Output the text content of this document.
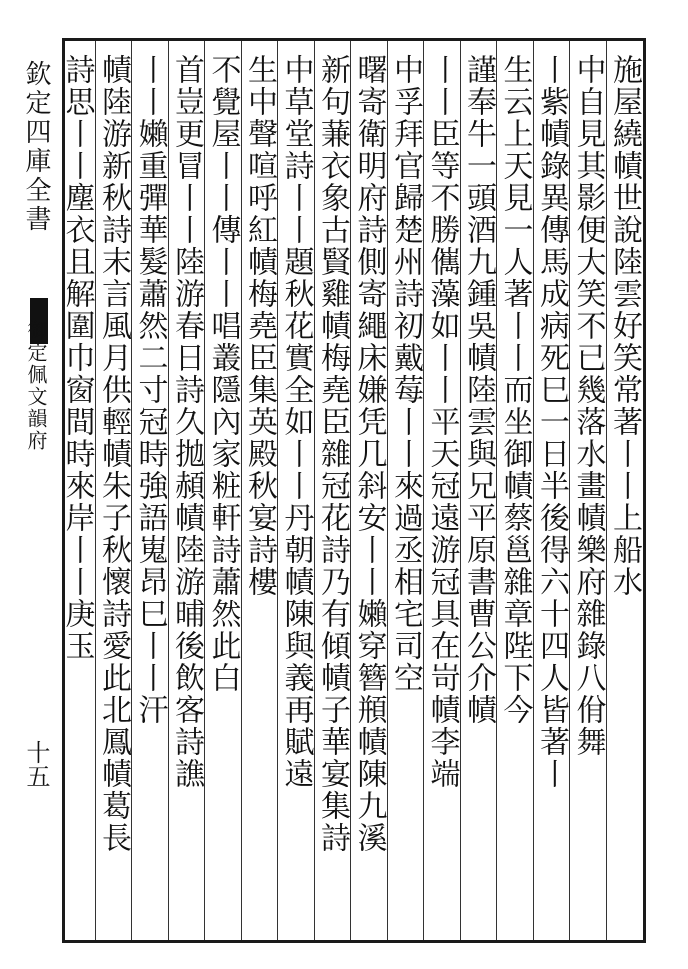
欽定四庫全書
御定佩文韻府
十五
施屋繞幘世說陸雲好笑常著丨丨上船水
中自見其影便大笑不已幾落水畫幘樂府雜錄八佾舞
丨紫幘錄異傳馬成病死巳一日半後得六十四人皆著丨
生云上天見一人著丨丨而坐御幘蔡邕雜章陛下今
謹奉牛一頭酒九鍾吳幘陸雲與兄平原書曹公介幘
丨丨臣等不勝㒞藻如丨丨平天冠遠游冠具在岢幘李端
中孚拜官歸楚州詩初戴莓丨丨來過丞相宅司空
曙寄衛明府詩側寄繩床嫌凭几斜安丨丨嬾穿簪頩幘陳九溪
新句蒹衣象古賢雞幘梅堯臣雜冠花詩乃有傾幘子華宴集詩
中草堂詩丨丨題秋花實全如丨丨丹朝幘陳與義再賦遠
生中聲喧呼紅幘梅堯臣集英殿秋宴詩樓
不覺屋丨丨傳丨丨唱叢隱內家粧軒詩蕭然此白
首豈更冒丨丨陸游春日詩久拋頳幘陸游晡後飲客詩譙
丨丨嬾重彈華髮蕭然二寸冠時強語嵬昂巳丨丨汗
幘陸游新秋詩末言風月供輕幘朱子秋懷詩愛此北鳳幘葛長
詩思丨丨塵衣且解圍巾窗間時來岸丨丨庚玉
